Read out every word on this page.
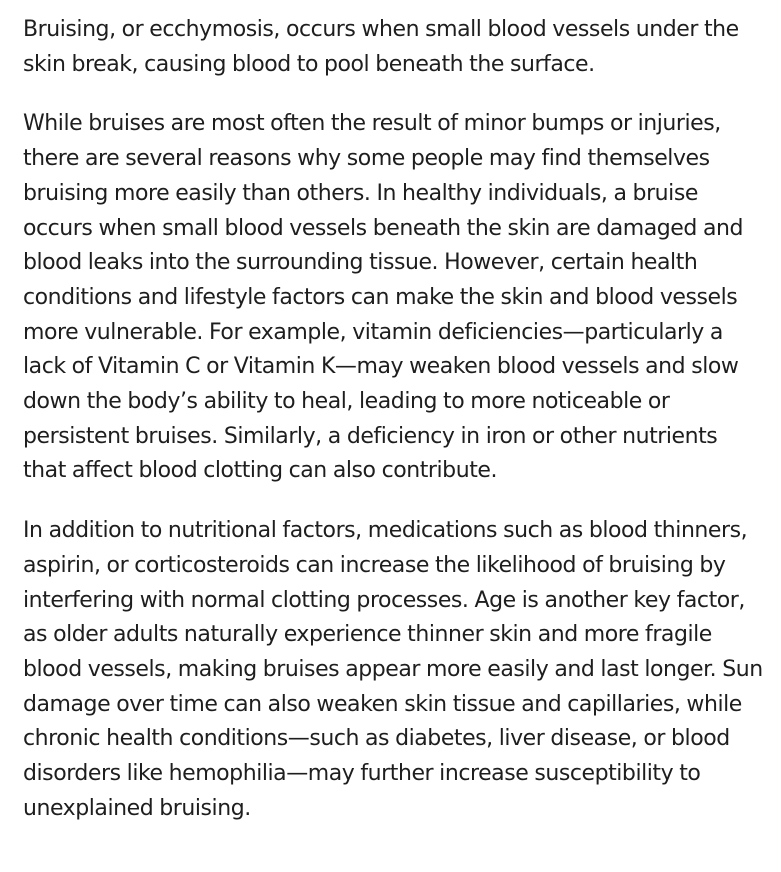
Bruising, or ecchymosis, occurs when small blood vessels under the skin break, causing blood to pool beneath the surface.

While bruises are most often the result of minor bumps or injuries, there are several reasons why some people may find themselves bruising more easily than others. In healthy individuals, a bruise occurs when small blood vessels beneath the skin are damaged and blood leaks into the surrounding tissue. However, certain health conditions and lifestyle factors can make the skin and blood vessels more vulnerable. For example, vitamin deficiencies—particularly a lack of Vitamin C or Vitamin K—may weaken blood vessels and slow down the body’s ability to heal, leading to more noticeable or persistent bruises. Similarly, a deficiency in iron or other nutrients that affect blood clotting can also contribute.

In addition to nutritional factors, medications such as blood thinners, aspirin, or corticosteroids can increase the likelihood of bruising by interfering with normal clotting processes. Age is another key factor, as older adults naturally experience thinner skin and more fragile blood vessels, making bruises appear more easily and last longer. Sun damage over time can also weaken skin tissue and capillaries, while chronic health conditions—such as diabetes, liver disease, or blood disorders like hemophilia—may further increase susceptibility to unexplained bruising.
